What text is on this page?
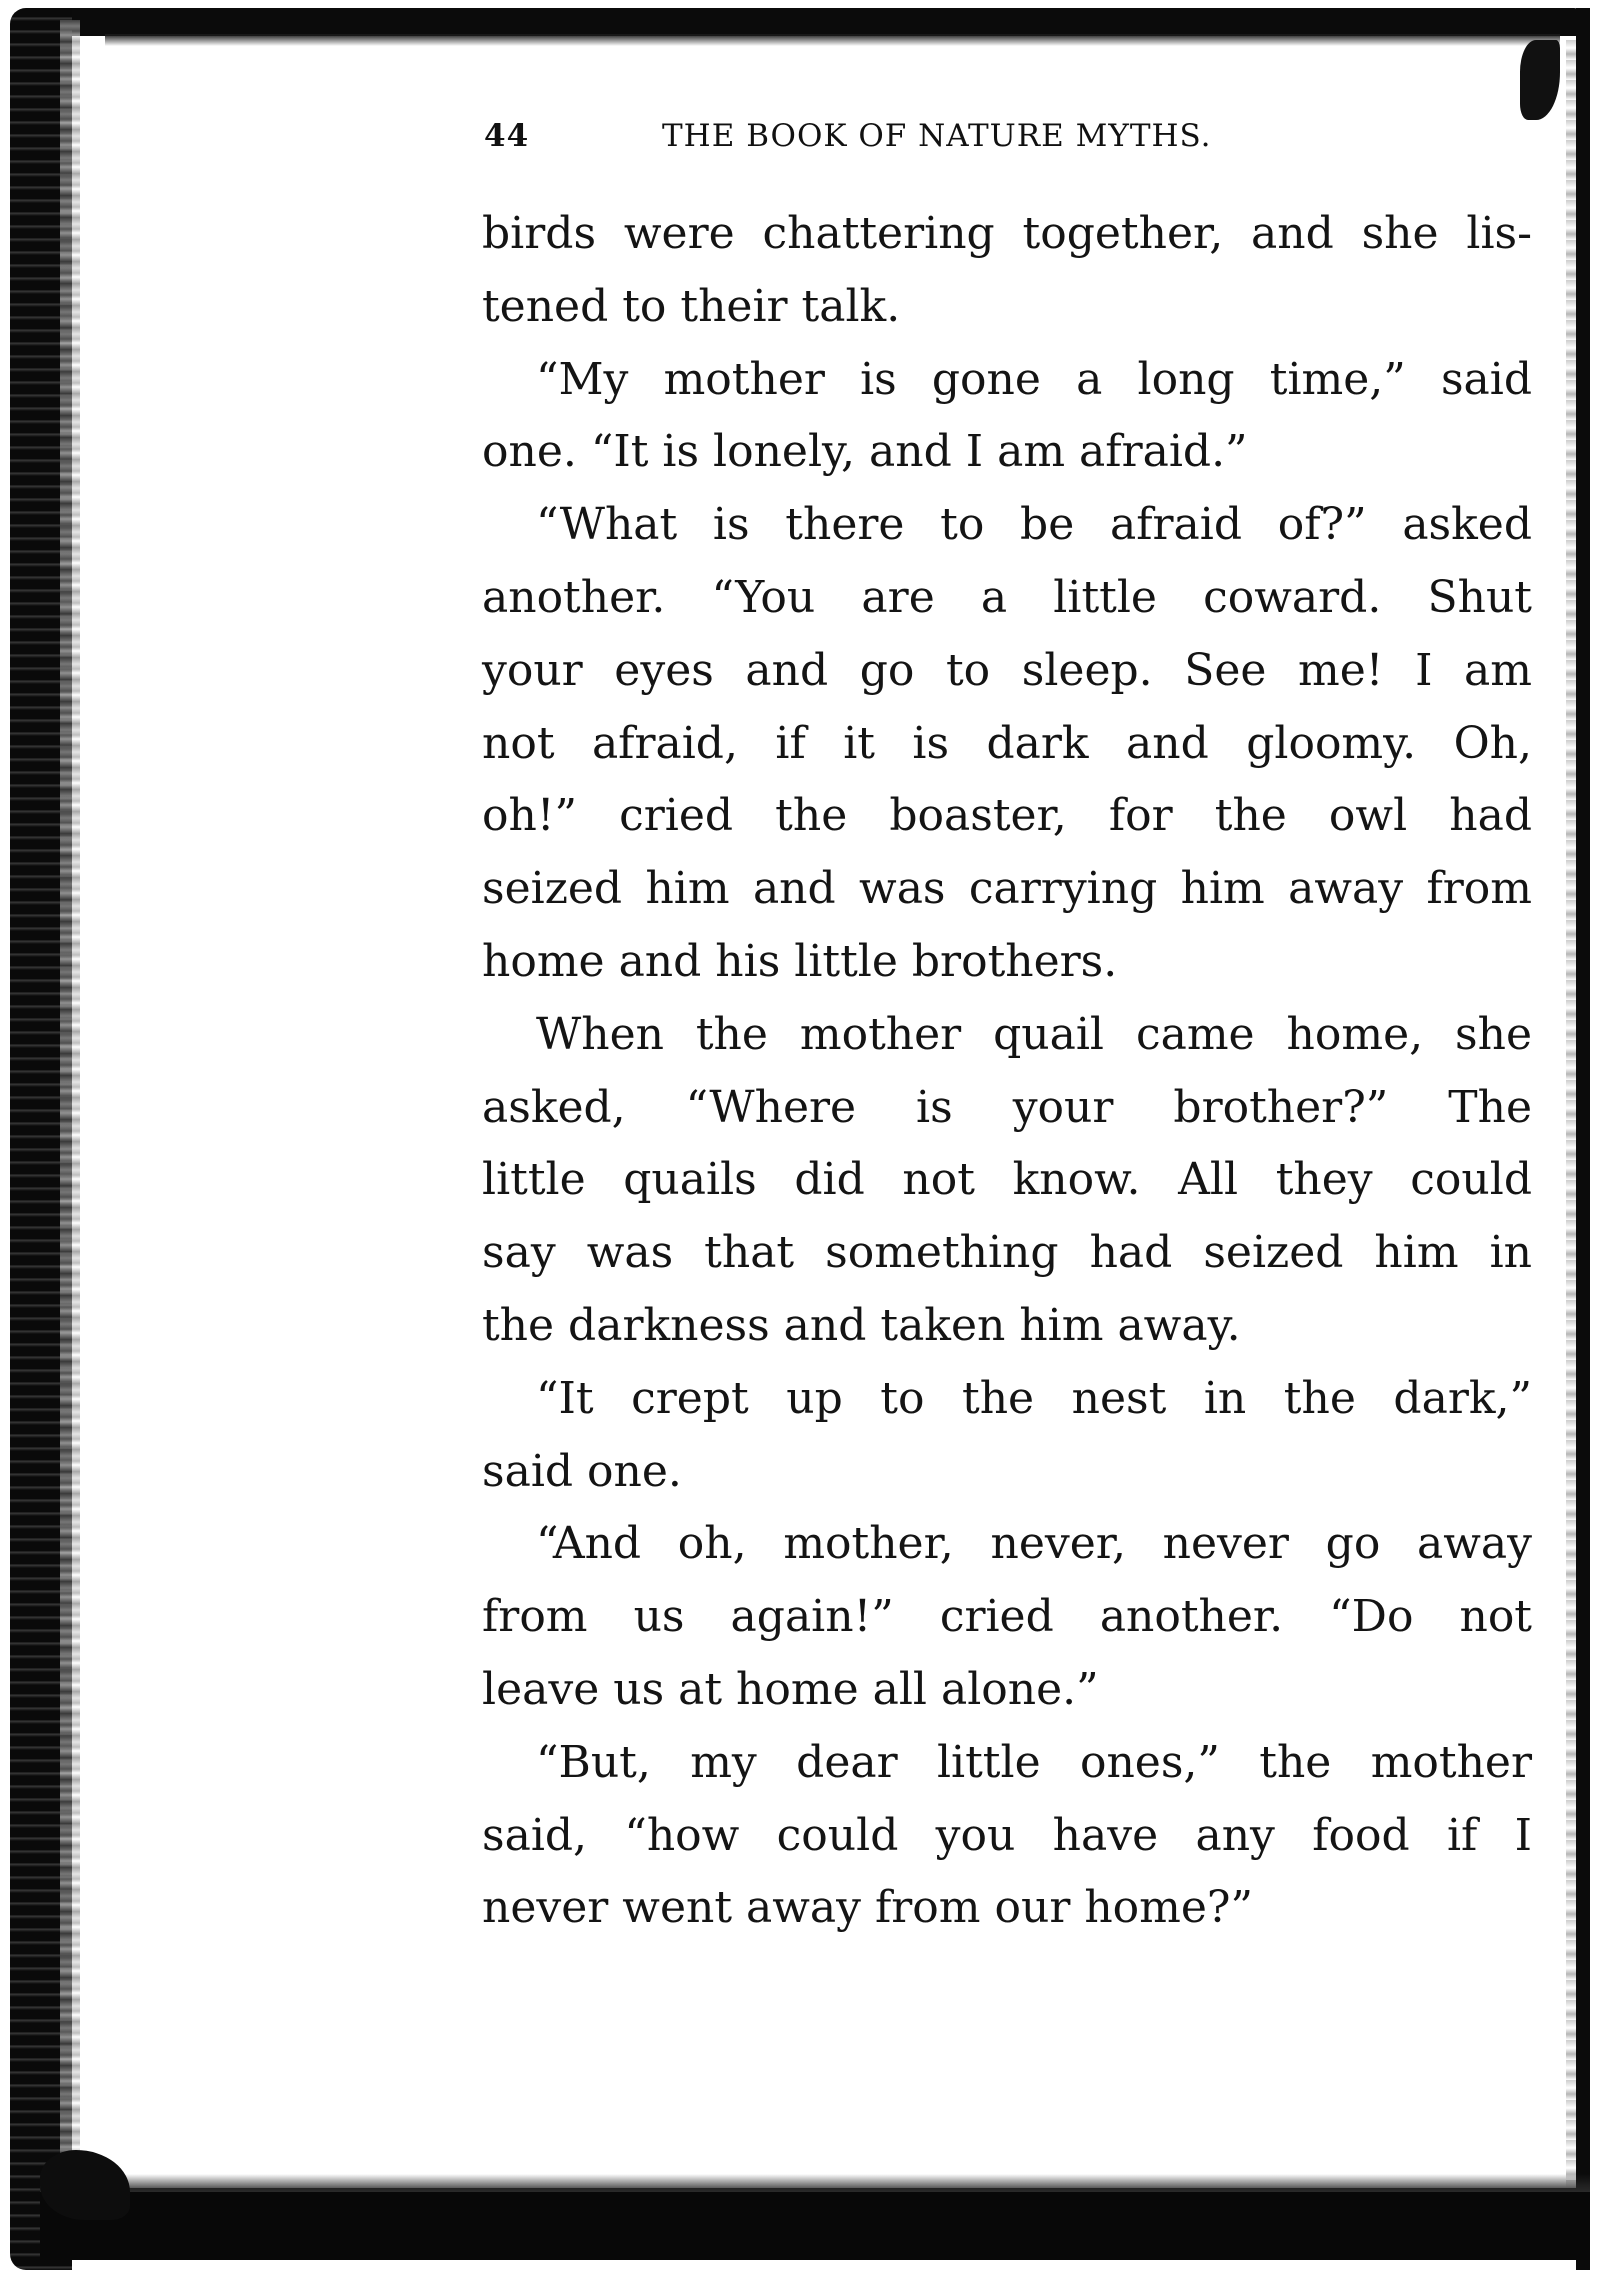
44	THE BOOK OF NATURE MYTHS.
birds were chattering together, and she lis-
tened to their talk.
“My mother is gone a long time,” said
one. “It is lonely, and I am afraid.”
“What is there to be afraid of?” asked
another. “You are a little coward. Shut
your eyes and go to sleep. See me! I am
not afraid, if it is dark and gloomy. Oh,
oh!” cried the boaster, for the owl had
seized him and was carrying him away from
home and his little brothers.
When the mother quail came home, she
asked, “Where is your brother?” The
little quails did not know. All they could
say was that something had seized him in
the darkness and taken him away.
“It crept up to the nest in the dark,”
said one.
“And oh, mother, never, never go away
from us again!” cried another. “Do not
leave us at home all alone.”
“But, my dear little ones,” the mother
said, “how could you have any food if I
never went away from our home?”
